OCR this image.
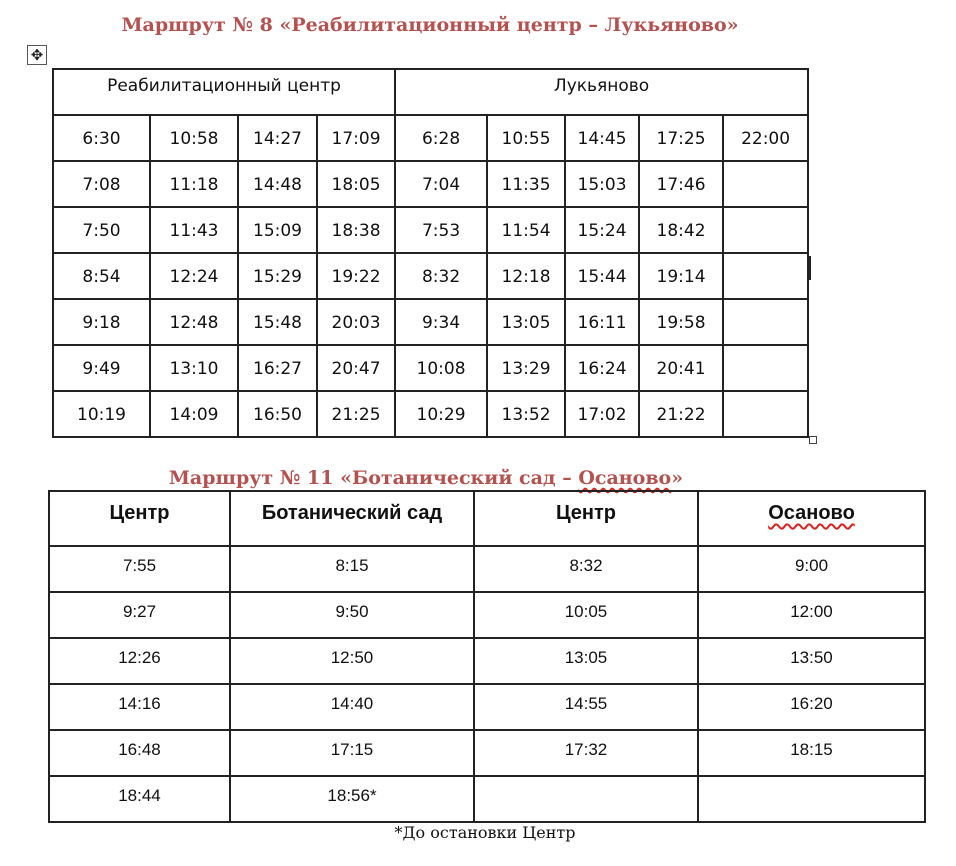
Маршрут № 8 «Реабилитационный центр – Лукьяново»
✥
Реабилитационный центр				Лукьяново				
6:30	10:58	14:27	17:09	6:28	10:55	14:45	17:25	22:00
7:08	11:18	14:48	18:05	7:04	11:35	15:03	17:46	
7:50	11:43	15:09	18:38	7:53	11:54	15:24	18:42	
8:54	12:24	15:29	19:22	8:32	12:18	15:44	19:14	
9:18	12:48	15:48	20:03	9:34	13:05	16:11	19:58	
9:49	13:10	16:27	20:47	10:08	13:29	16:24	20:41	
10:19	14:09	16:50	21:25	10:29	13:52	17:02	21:22	
Маршрут № 11 «Ботанический сад – Осаново»
Центр	Ботанический сад	Центр	Осаново
7:55	8:15	8:32	9:00
9:27	9:50	10:05	12:00
12:26	12:50	13:05	13:50
14:16	14:40	14:55	16:20
16:48	17:15	17:32	18:15
18:44	18:56*		
*До остановки Центр
